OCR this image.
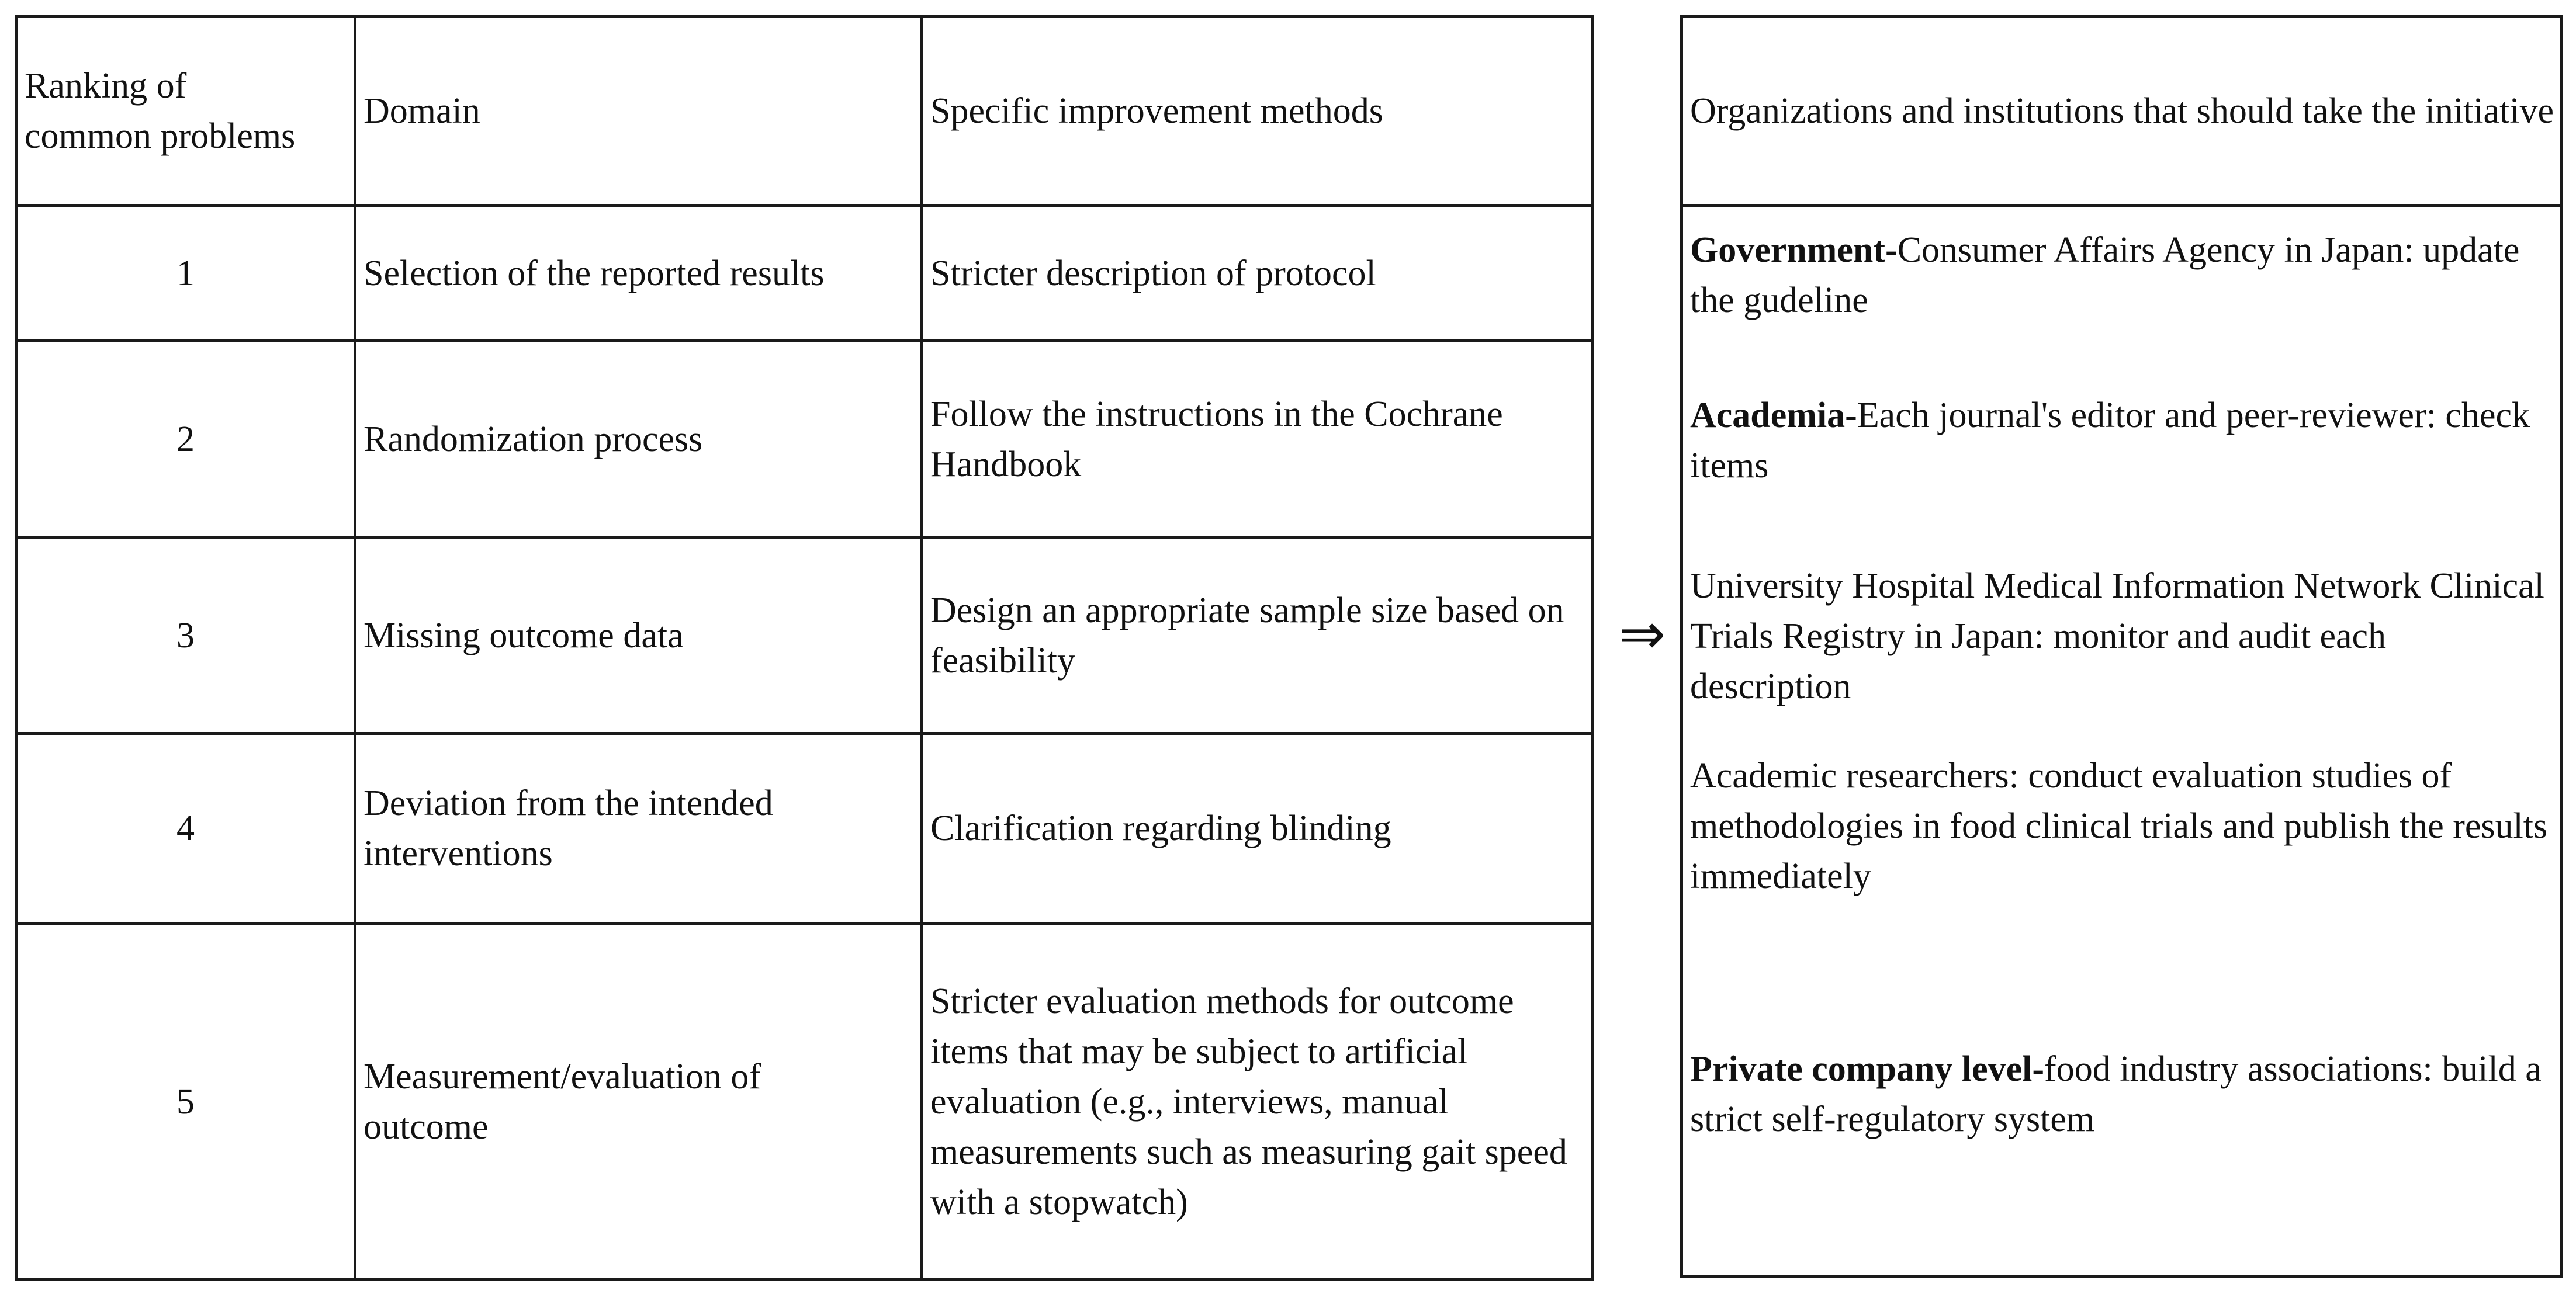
Ranking of common problems	Domain	Specific improvement methods
1	Selection of the reported results	Stricter description of protocol
2	Randomization process	Follow the instructions in the Cochrane Handbook
3	Missing outcome data	Design an appropriate sample size based on feasibility
4	Deviation from the intended interventions	Clarification regarding blinding
5	Measurement/evaluation of outcome	Stricter evaluation methods for outcome items that may be subject to artificial evaluation (e.g., interviews, manual measurements such as measuring gait speed with a stopwatch)
⇒
Organizations and institutions that should take the initiative
Government-Consumer Affairs Agency in Japan: update the gudeline
Academia-Each journal's editor and peer-reviewer: check items
University Hospital Medical Information Network Clinical Trials Registry in Japan: monitor and audit each description
Academic researchers: conduct evaluation studies of methodologies in food clinical trials and publish the results immediately
Private company level-food industry associations: build a strict self-regulatory system
